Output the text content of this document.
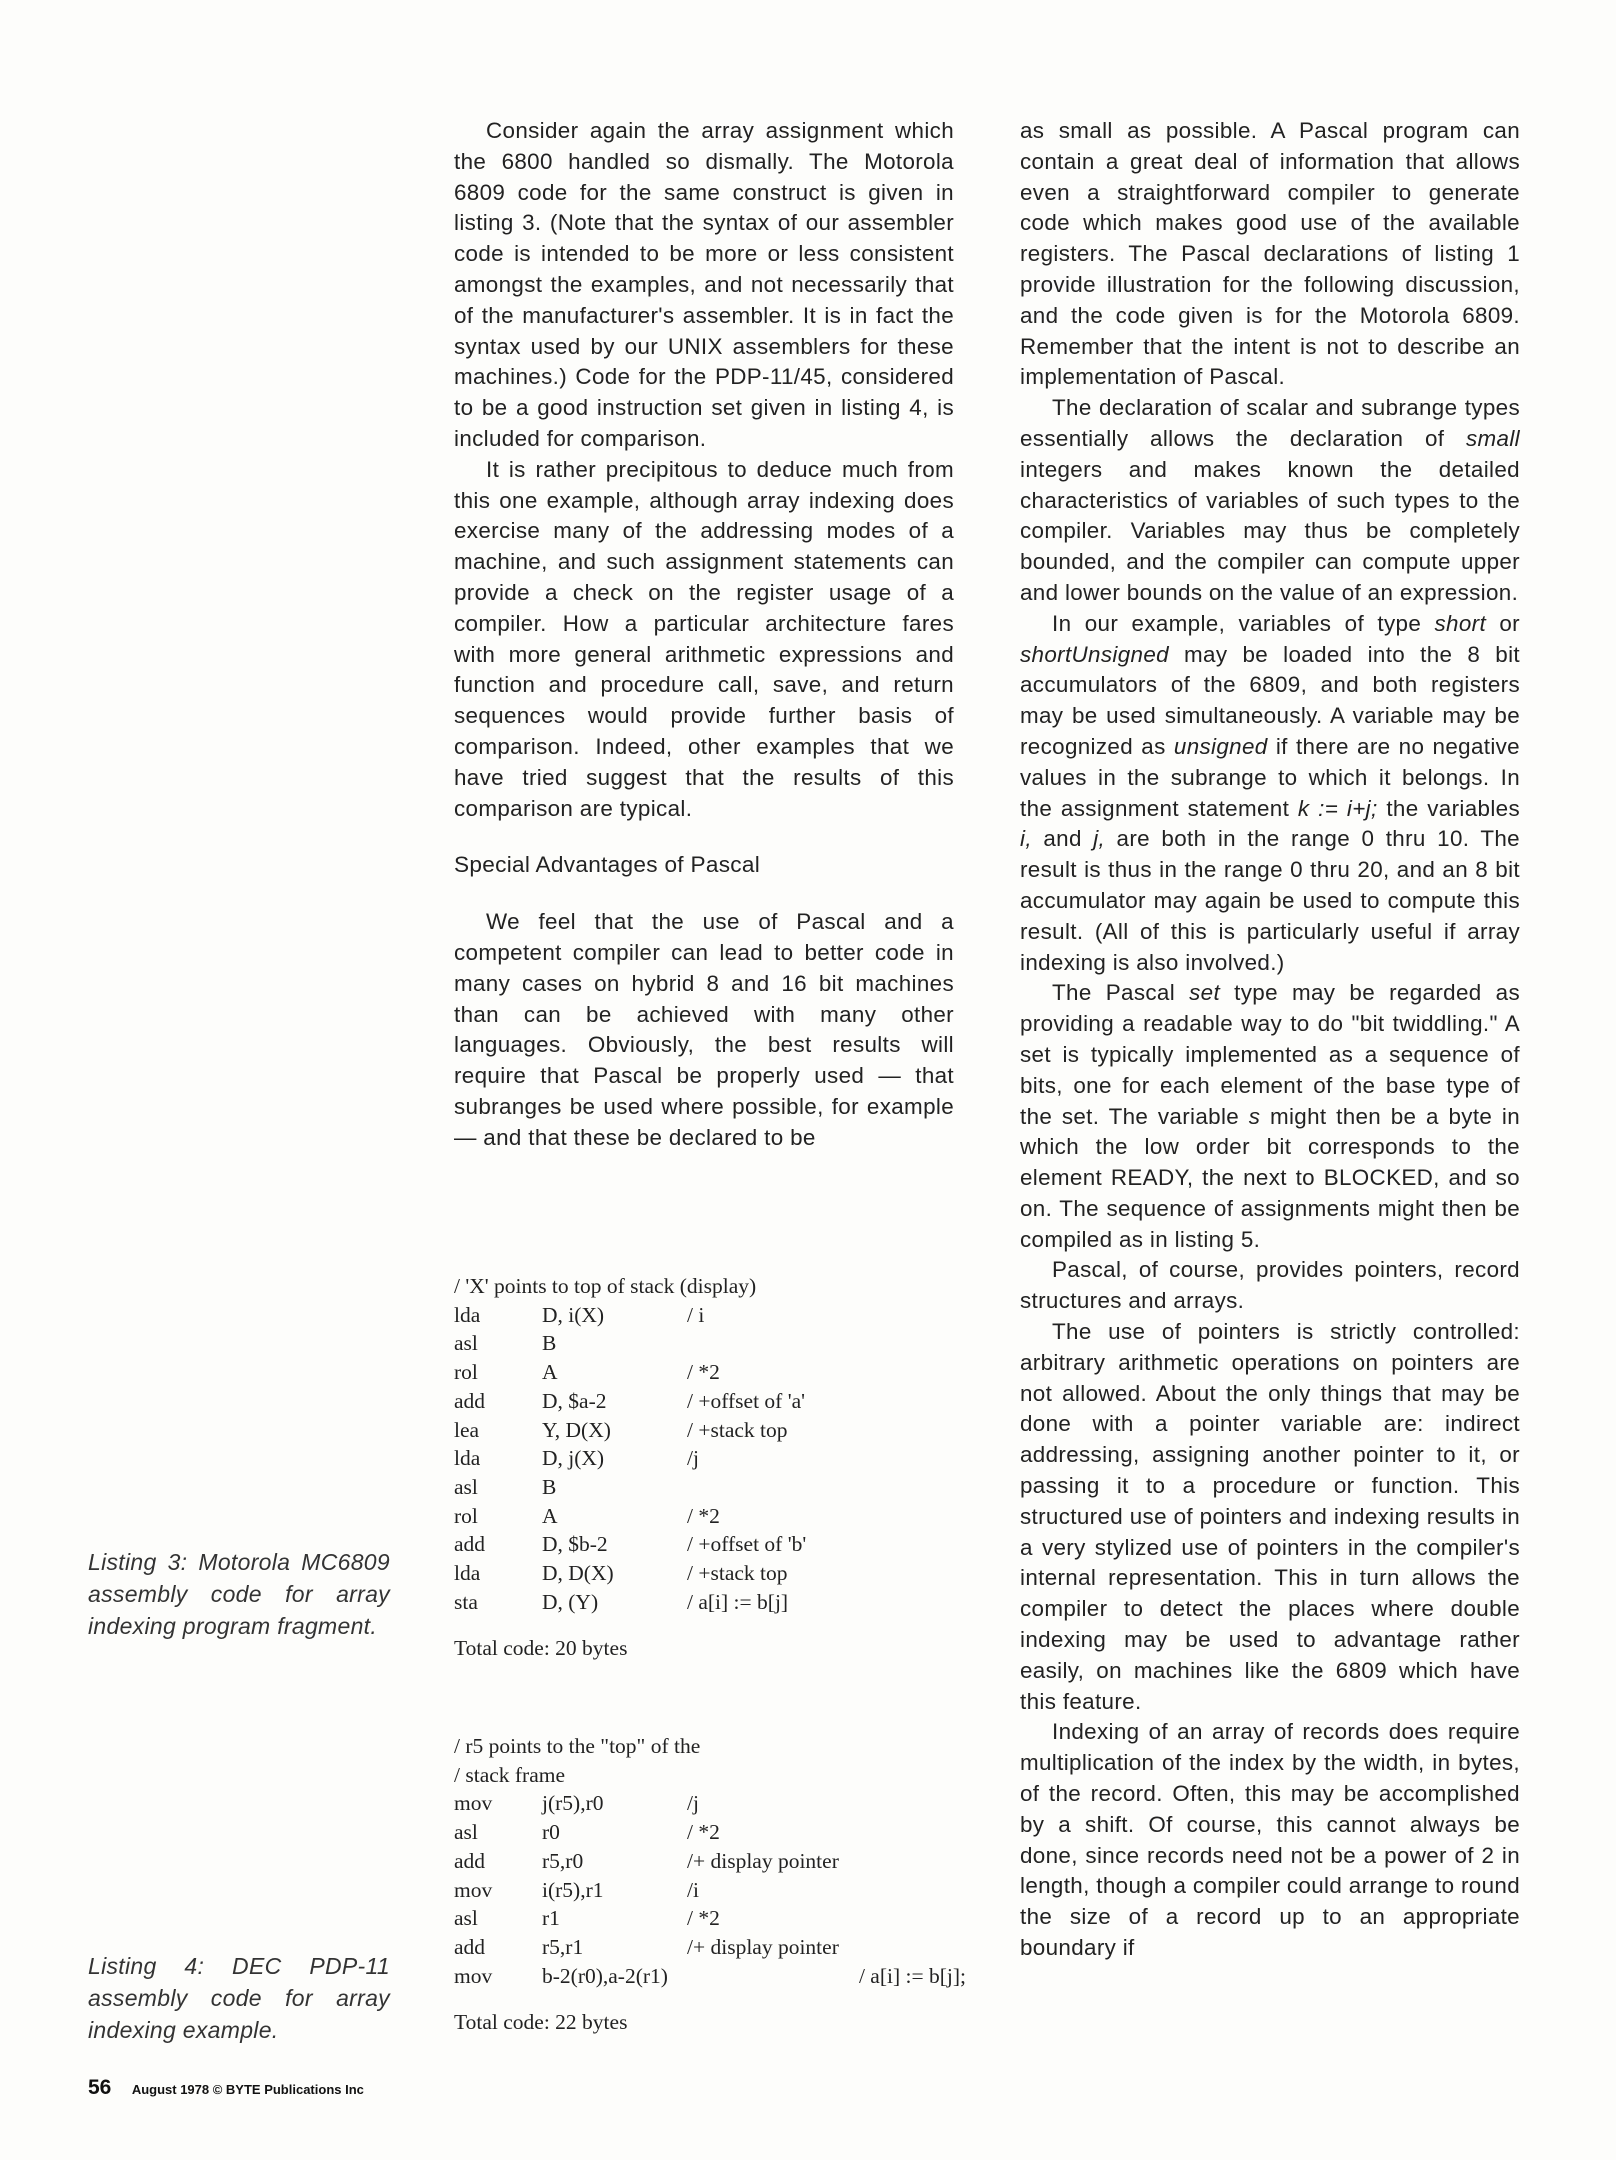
Consider again the array assignment which the 6800 handled so dismally. The Motorola 6809 code for the same construct is given in listing 3. (Note that the syntax of our assembler code is intended to be more or less consistent amongst the examples, and not necessarily that of the manufacturer's assembler. It is in fact the syntax used by our UNIX assemblers for these machines.) Code for the PDP-11/45, considered to be a good instruction set given in listing 4, is included for comparison.

It is rather precipitous to deduce much from this one example, although array indexing does exercise many of the addressing modes of a machine, and such assignment statements can provide a check on the register usage of a compiler. How a particular architecture fares with more general arithmetic expressions and function and procedure call, save, and return sequences would provide further basis of comparison. Indeed, other examples that we have tried suggest that the results of this comparison are typical.

Special Advantages of Pascal

We feel that the use of Pascal and a competent compiler can lead to better code in many cases on hybrid 8 and 16 bit machines than can be achieved with many other languages. Obviously, the best results will require that Pascal be properly used — that subranges be used where possible, for example — and that these be declared to be

as small as possible. A Pascal program can contain a great deal of information that allows even a straightforward compiler to generate code which makes good use of the available registers. The Pascal declarations of listing 1 provide illustration for the following discussion, and the code given is for the Motorola 6809. Remember that the intent is not to describe an implementation of Pascal.

The declaration of scalar and subrange types essentially allows the declaration of small integers and makes known the detailed characteristics of variables of such types to the compiler. Variables may thus be completely bounded, and the compiler can compute upper and lower bounds on the value of an expression.

In our example, variables of type short or shortUnsigned may be loaded into the 8 bit accumulators of the 6809, and both registers may be used simultaneously. A variable may be recognized as unsigned if there are no negative values in the subrange to which it belongs. In the assignment statement k := i+j; the variables i, and j, are both in the range 0 thru 10. The result is thus in the range 0 thru 20, and an 8 bit accumulator may again be used to compute this result. (All of this is particularly useful if array indexing is also involved.)

The Pascal set type may be regarded as providing a readable way to do "bit twiddling." A set is typically implemented as a sequence of bits, one for each element of the base type of the set. The variable s might then be a byte in which the low order bit corresponds to the element READY, the next to BLOCKED, and so on. The sequence of assignments might then be compiled as in listing 5.

Pascal, of course, provides pointers, record structures and arrays.

The use of pointers is strictly controlled: arbitrary arithmetic operations on pointers are not allowed. About the only things that may be done with a pointer variable are: indirect addressing, assigning another pointer to it, or passing it to a procedure or function. This structured use of pointers and indexing results in a very stylized use of pointers in the compiler's internal representation. This in turn allows the compiler to detect the places where double indexing may be used to advantage rather easily, on machines like the 6809 which have this feature.

Indexing of an array of records does require multiplication of the index by the width, in bytes, of the record. Often, this may be accomplished by a shift. Of course, this cannot always be done, since records need not be a power of 2 in length, though a compiler could arrange to round the size of a record up to an appropriate boundary if

/ 'X' points to top of stack (display)
lda	D, i(X)	/ i
asl	B
rol	A	/ *2
add	D, $a-2	/ +offset of 'a'
lea	Y, D(X)	/ +stack top
lda	D, j(X)	/j
asl	B
rol	A	/ *2
add	D, $b-2	/ +offset of 'b'
lda	D, D(X)	/ +stack top
sta	D, (Y)	/ a[i] := b[j]
Total code: 20 bytes
/ r5 points to the "top" of the
/ stack frame
mov	j(r5),r0	/j
asl	r0	/ *2
add	r5,r0	/+ display pointer
mov	i(r5),r1	/i
asl	r1	/ *2
add	r5,r1	/+ display pointer
mov	b-2(r0),a-2(r1)	/ a[i] := b[j];
Total code: 22 bytes
Listing 3: Motorola MC6809 assembly code for array indexing program fragment.
Listing 4: DEC PDP-11 assembly code for array indexing example.
56 August 1978 © BYTE Publications Inc
